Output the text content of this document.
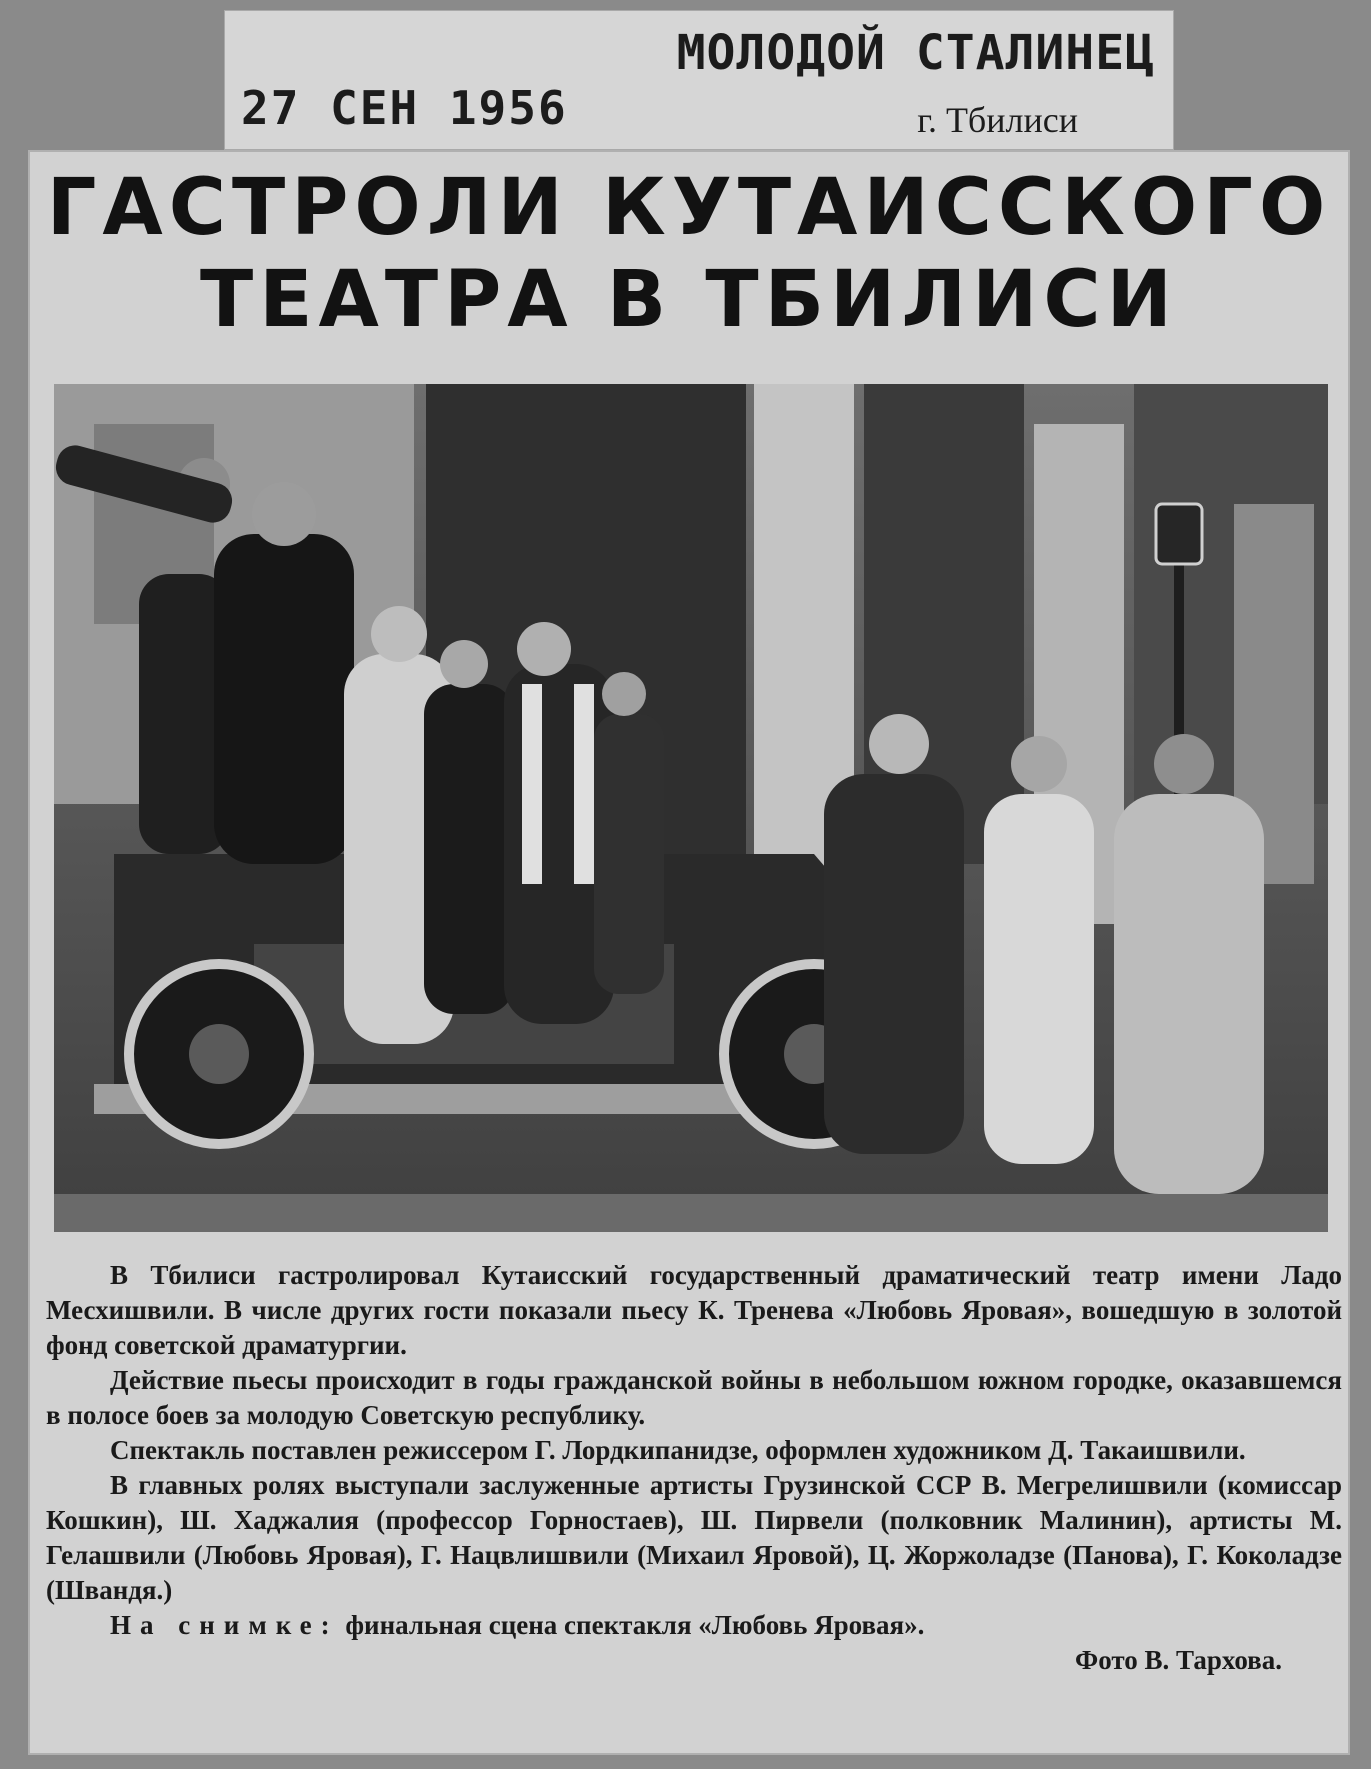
27 СЕН 1956
МОЛОДОЙ СТАЛИНЕЦ
г. Тбилиси
ГАСТРОЛИ КУТАИССКОГО
ТЕАТРА В ТБИЛИСИ

В Тбилиси гастролировал Кутаисский государственный драматический театр имени Ладо Месхишвили. В числе других гости показали пьесу К. Тренева «Любовь Яровая», вошедшую в золотой фонд советской драматургии.

Действие пьесы происходит в годы гражданской войны в небольшом южном городке, оказавшемся в полосе боев за молодую Советскую республику.

Спектакль поставлен режиссером Г. Лордкипанидзе, оформлен художником Д. Такаишвили.

В главных ролях выступали заслуженные артисты Грузинской ССР В. Мегрелишвили (комиссар Кошкин), Ш. Хаджалия (профессор Горностаев), Ш. Пирвели (полковник Малинин), артисты М. Гелашвили (Любовь Яровая), Г. Нацвлишвили (Михаил Яровой), Ц. Жоржоладзе (Панова), Г. Коколадзе (Швандя.)

На снимке: финальная сцена спектакля «Любовь Яровая».

Фото В. Тархова.
